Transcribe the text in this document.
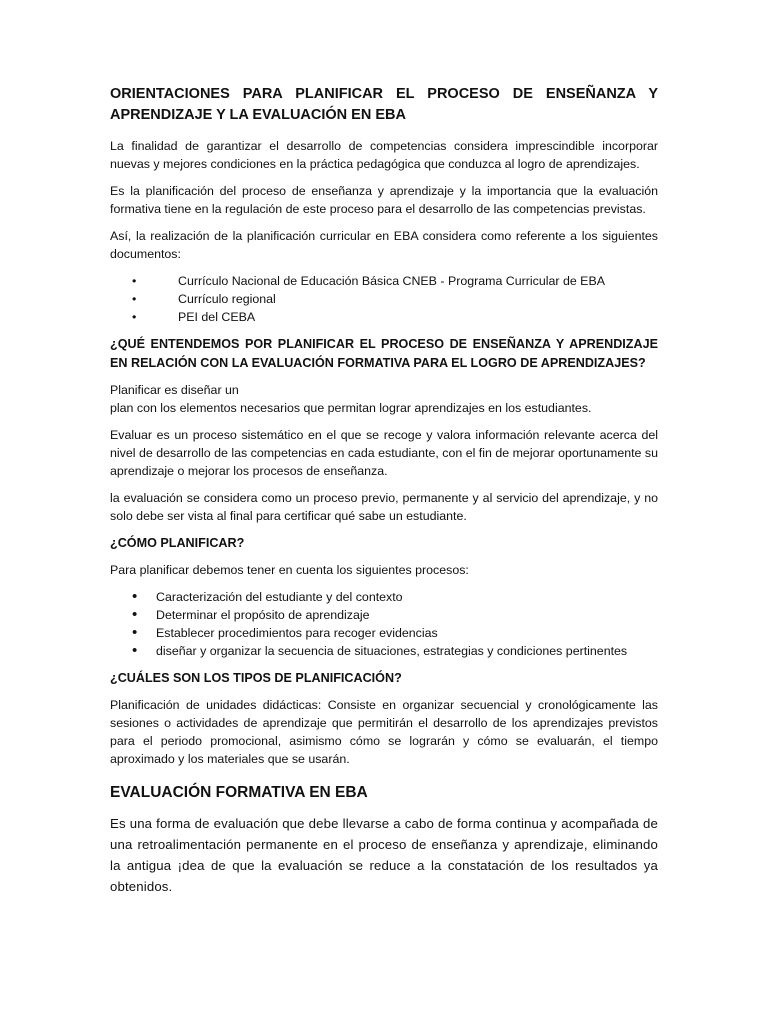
ORIENTACIONES PARA PLANIFICAR EL PROCESO DE ENSEÑANZA Y APRENDIZAJE Y LA EVALUACIÓN EN EBA

La finalidad de garantizar el desarrollo de competencias considera imprescindible incorporar nuevas y mejores condiciones en la práctica pedagógica que conduzca al logro de aprendizajes.

Es la planificación del proceso de enseñanza y aprendizaje y la importancia que la evaluación formativa tiene en la regulación de este proceso para el desarrollo de las competencias previstas.

Así, la realización de la planificación curricular en EBA considera como referente a los siguientes documentos:

• Currículo Nacional de Educación Básica CNEB - Programa Curricular de EBA
• Currículo regional
• PEI del CEBA

¿QUÉ ENTENDEMOS POR PLANIFICAR EL PROCESO DE ENSEÑANZA Y APRENDIZAJE EN RELACIÓN CON LA EVALUACIÓN FORMATIVA PARA EL LOGRO DE APRENDIZAJES?

Planificar es diseñar un
plan con los elementos necesarios que permitan lograr aprendizajes en los estudiantes.

Evaluar es un proceso sistemático en el que se recoge y valora información relevante acerca del nivel de desarrollo de las competencias en cada estudiante, con el fin de mejorar oportunamente su aprendizaje o mejorar los procesos de enseñanza.

la evaluación se considera como un proceso previo, permanente y al servicio del aprendizaje, y no solo debe ser vista al final para certificar qué sabe un estudiante.

¿CÓMO PLANIFICAR?

Para planificar debemos tener en cuenta los siguientes procesos:

• Caracterización del estudiante y del contexto
• Determinar el propósito de aprendizaje
• Establecer procedimientos para recoger evidencias
• diseñar y organizar la secuencia de situaciones, estrategias y condiciones pertinentes

¿CUÁLES SON LOS TIPOS DE PLANIFICACIÓN?

Planificación de unidades didácticas: Consiste en organizar secuencial y cronológicamente las sesiones o actividades de aprendizaje que permitirán el desarrollo de los aprendizajes previstos para el periodo promocional, asimismo cómo se lograrán y cómo se evaluarán, el tiempo aproximado y los materiales que se usarán.

EVALUACIÓN FORMATIVA EN EBA

Es una forma de evaluación que debe llevarse a cabo de forma continua y acompañada de una retroalimentación permanente en el proceso de enseñanza y aprendizaje, eliminando la antigua ¡dea de que la evaluación se reduce a la constatación de los resultados ya obtenidos.
